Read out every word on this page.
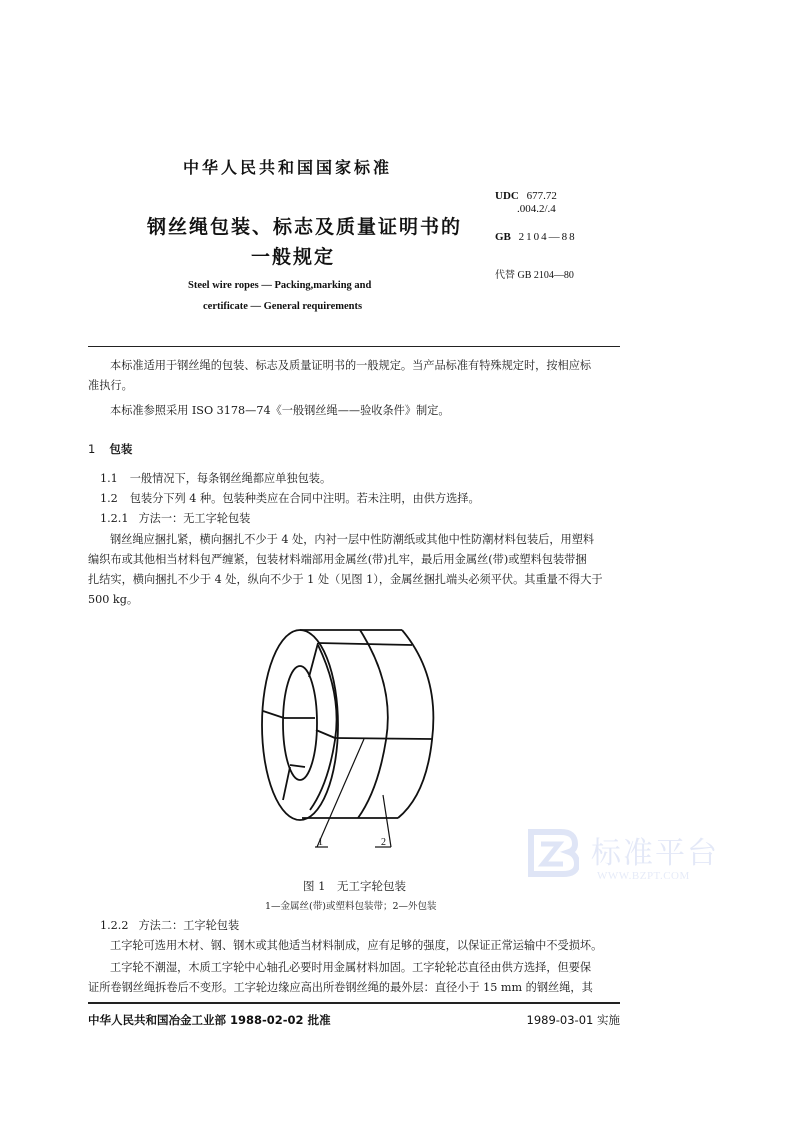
中华人民共和国国家标准
钢丝绳包装、标志及质量证明书的
一般规定
Steel wire ropes — Packing,marking and
certificate — General requirements
UDC 677.72
.004.2/.4
GB 2104—88
代替 GB 2104—80
本标准适用于钢丝绳的包装、标志及质量证明书的一般规定。当产品标准有特殊规定时，按相应标
准执行。
本标准参照采用 ISO 3178—74《一般钢丝绳——验收条件》制定。
1 包装
1.1 一般情况下，每条钢丝绳都应单独包装。
1.2 包装分下列 4 种。包装种类应在合同中注明。若未注明，由供方选择。
1.2.1 方法一：无工字轮包装
钢丝绳应捆扎紧，横向捆扎不少于 4 处，内衬一层中性防潮纸或其他中性防潮材料包装后，用塑料
编织布或其他相当材料包严缠紧，包装材料端部用金属丝(带)扎牢，最后用金属丝(带)或塑料包装带捆
扎结实，横向捆扎不少于 4 处，纵向不少于 1 处（见图 1），金属丝捆扎端头必须平伏。其重量不得大于
500 kg。
1	2
图 1　无工字轮包装
1—金属丝(带)或塑料包装带；2—外包装
标准平台
WWW.BZPT.COM
1.2.2 方法二：工字轮包装
工字轮可选用木材、钢、钢木或其他适当材料制成，应有足够的强度，以保证正常运输中不受损坏。
工字轮不潮湿，木质工字轮中心轴孔必要时用金属材料加固。工字轮轮芯直径由供方选择，但要保
证所卷钢丝绳拆卷后不变形。工字轮边缘应高出所卷钢丝绳的最外层：直径小于 15 mm 的钢丝绳，其
中华人民共和国冶金工业部 1988-02-02 批准	1989-03-01 实施
